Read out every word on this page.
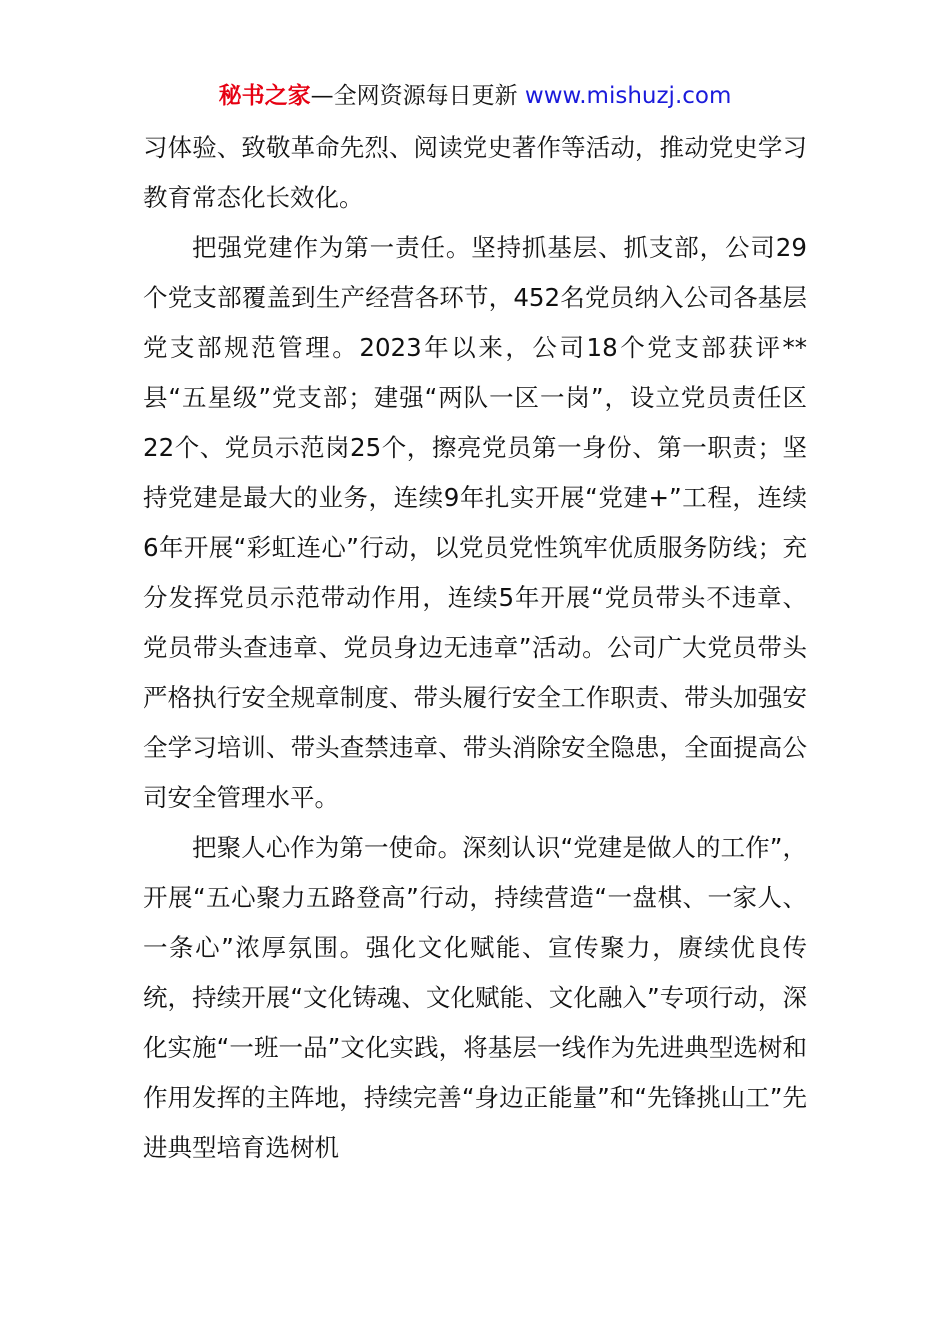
秘书之家—全网资源每日更新 www.mishuzj.com

习体验、致敬革命先烈、阅读党史著作等活动，推动党史学习教育常态化长效化。

把强党建作为第一责任。坚持抓基层、抓支部，公司29个党支部覆盖到生产经营各环节，452名党员纳入公司各基层党支部规范管理。2023年以来，公司18个党支部获评**县“五星级”党支部；建强“两队一区一岗”，设立党员责任区22个、党员示范岗25个，擦亮党员第一身份、第一职责；坚持党建是最大的业务，连续9年扎实开展“党建+”工程，连续6年开展“彩虹连心”行动，以党员党性筑牢优质服务防线；充分发挥党员示范带动作用，连续5年开展“党员带头不违章、党员带头查违章、党员身边无违章”活动。公司广大党员带头严格执行安全规章制度、带头履行安全工作职责、带头加强安全学习培训、带头查禁违章、带头消除安全隐患，全面提高公司安全管理水平。

把聚人心作为第一使命。深刻认识“党建是做人的工作”，开展“五心聚力五路登高”行动，持续营造“一盘棋、一家人、一条心”浓厚氛围。强化文化赋能、宣传聚力，赓续优良传统，持续开展“文化铸魂、文化赋能、文化融入”专项行动，深化实施“一班一品”文化实践，将基层一线作为先进典型选树和作用发挥的主阵地，持续完善“身边正能量”和“先锋挑山工”先进典型培育选树机
